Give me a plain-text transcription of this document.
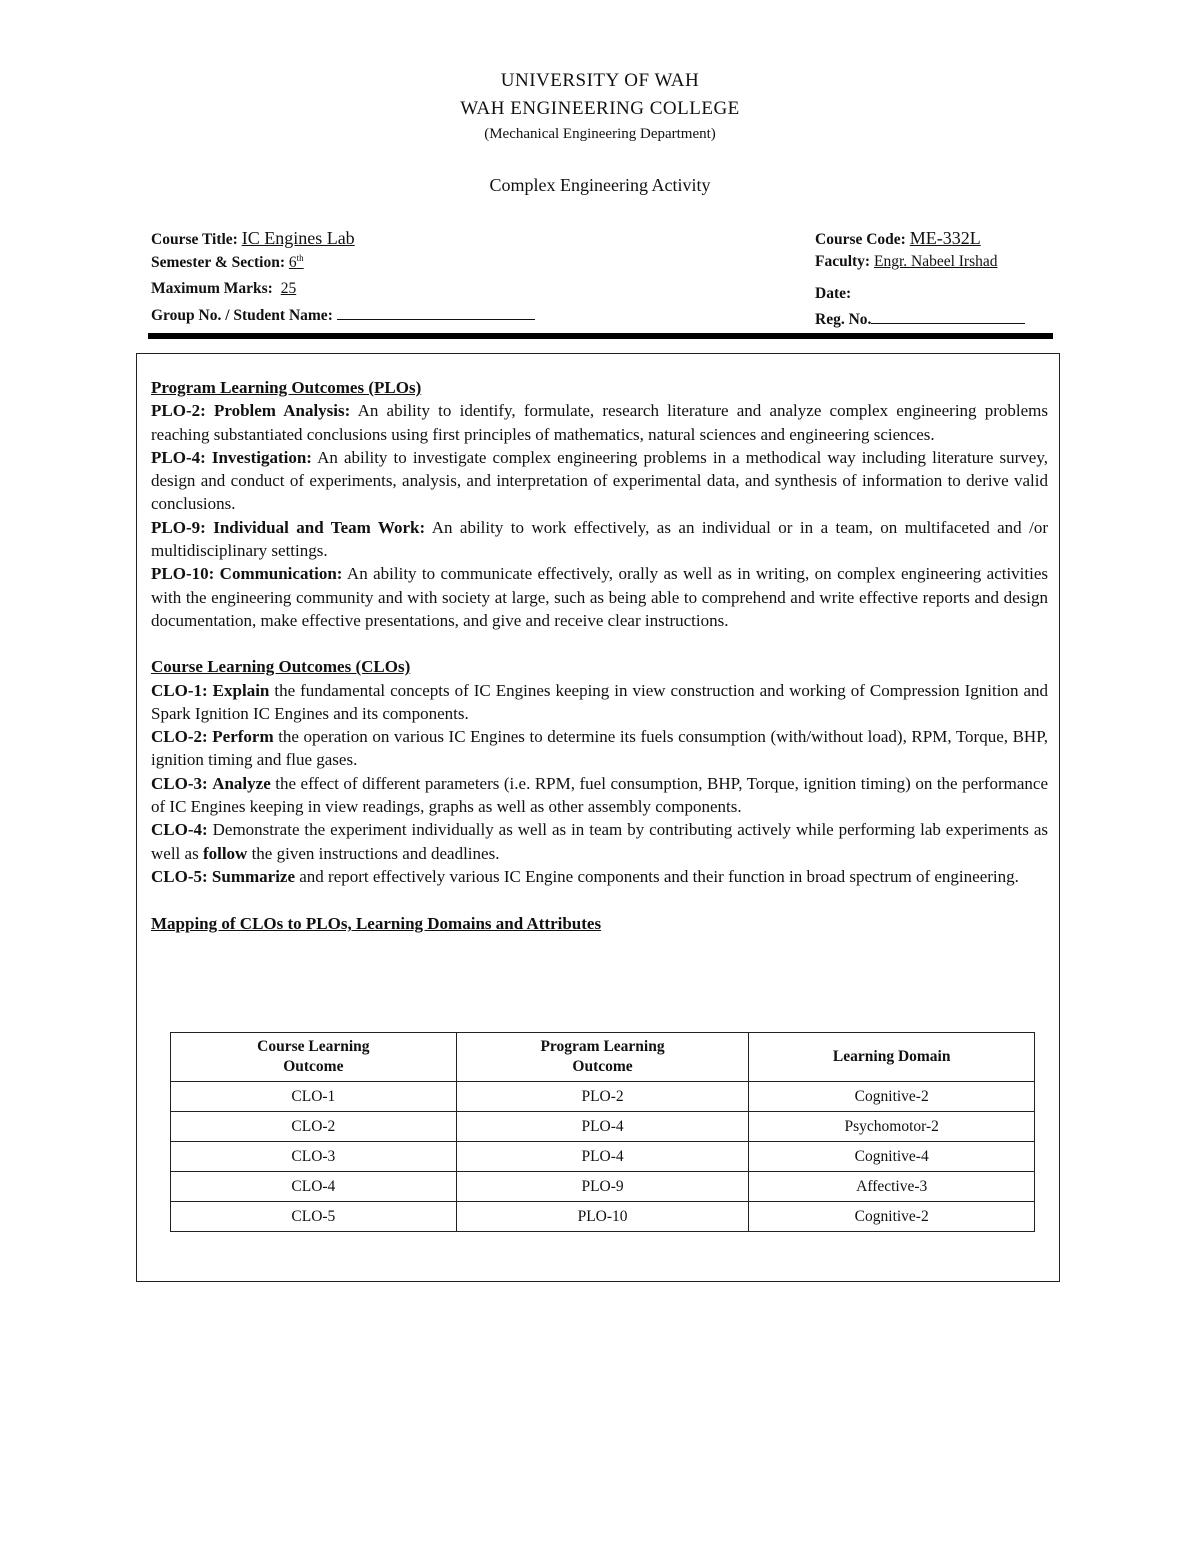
UNIVERSITY OF WAH
WAH ENGINEERING COLLEGE
(Mechanical Engineering Department)
Complex Engineering Activity
Course Title: IC Engines Lab
Semester & Section: 6th
Maximum Marks: 25
Group No. / Student Name:
Course Code: ME-332L
Faculty: Engr. Nabeel Irshad
Date:
Reg. No.

Program Learning Outcomes (PLOs)

PLO-2: Problem Analysis: An ability to identify, formulate, research literature and analyze complex engineering problems reaching substantiated conclusions using first principles of mathematics, natural sciences and engineering sciences.

PLO-4: Investigation: An ability to investigate complex engineering problems in a methodical way including literature survey, design and conduct of experiments, analysis, and interpretation of experimental data, and synthesis of information to derive valid conclusions.

PLO-9: Individual and Team Work: An ability to work effectively, as an individual or in a team, on multifaceted and /or multidisciplinary settings.

PLO-10: Communication: An ability to communicate effectively, orally as well as in writing, on complex engineering activities with the engineering community and with society at large, such as being able to comprehend and write effective reports and design documentation, make effective presentations, and give and receive clear instructions.

Course Learning Outcomes (CLOs)

CLO-1: Explain the fundamental concepts of IC Engines keeping in view construction and working of Compression Ignition and Spark Ignition IC Engines and its components.

CLO-2: Perform the operation on various IC Engines to determine its fuels consumption (with/without load), RPM, Torque, BHP, ignition timing and flue gases.

CLO-3: Analyze the effect of different parameters (i.e. RPM, fuel consumption, BHP, Torque, ignition timing) on the performance of IC Engines keeping in view readings, graphs as well as other assembly components.

CLO-4: Demonstrate the experiment individually as well as in team by contributing actively while performing lab experiments as well as follow the given instructions and deadlines.

CLO-5: Summarize and report effectively various IC Engine components and their function in broad spectrum of engineering.

Mapping of CLOs to PLOs, Learning Domains and Attributes

Course Learning Outcome	Program Learning Outcome	Learning Domain
CLO-1	PLO-2	Cognitive-2
CLO-2	PLO-4	Psychomotor-2
CLO-3	PLO-4	Cognitive-4
CLO-4	PLO-9	Affective-3
CLO-5	PLO-10	Cognitive-2
